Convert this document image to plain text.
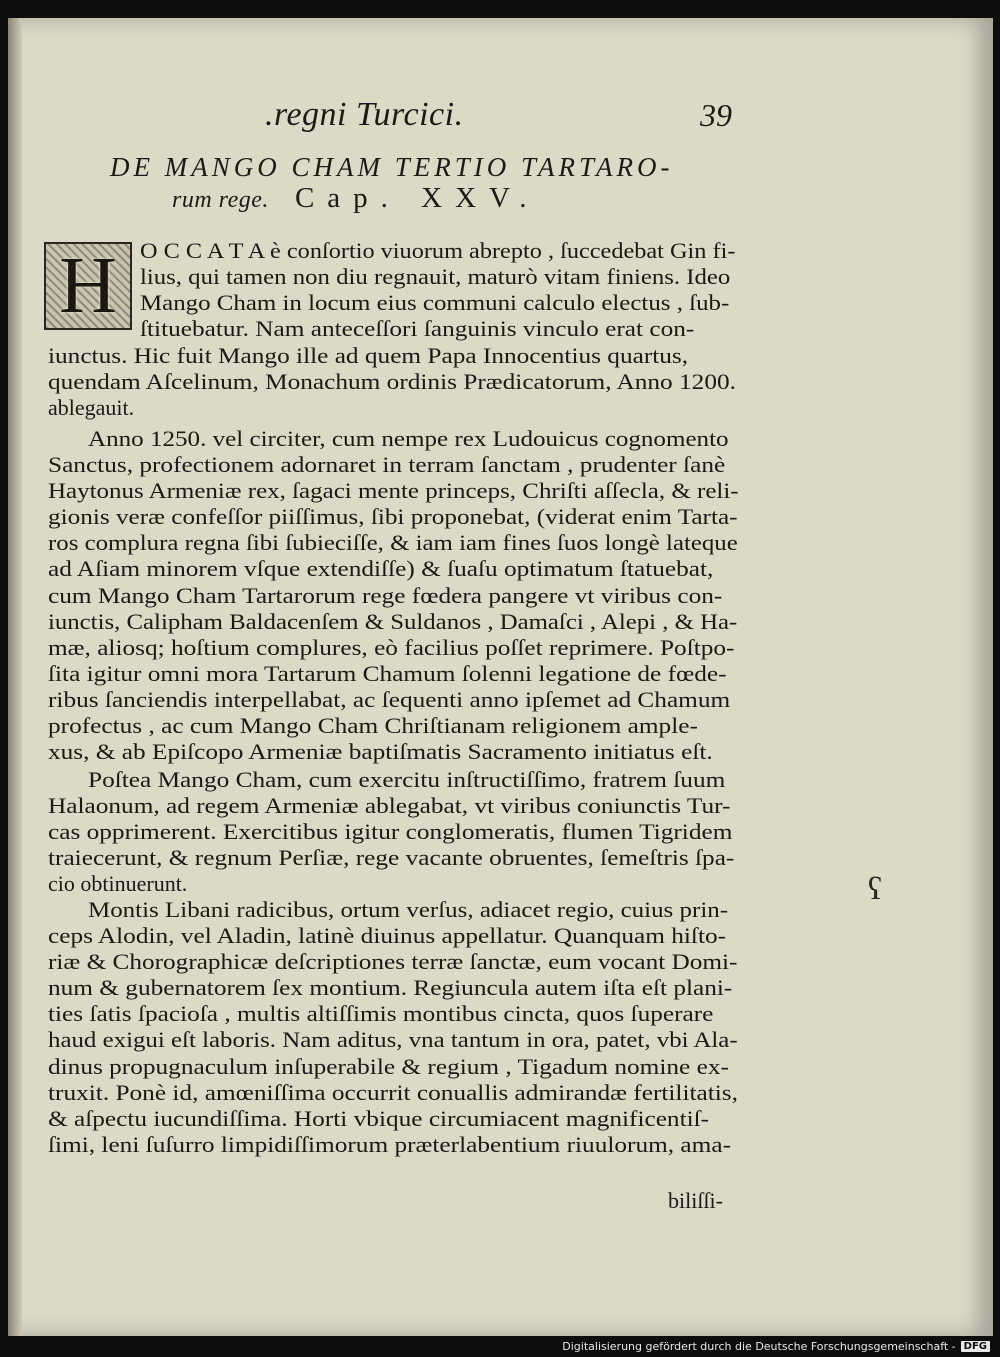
.regni Turcici.	39
DE MANGO CHAM TERTIO TARTARO-
rum rege. Cap. XXV.
H	O C C A T A è conſortio viuorum abrepto , ſuccedebat Gin fi-
lius, qui tamen non diu regnauit, maturò vitam finiens. Ideo
Mango Cham in locum eius communi calculo electus , ſub-
ſtituebatur. Nam anteceſſori ſanguinis vinculo erat con-
iunctus. Hic fuit Mango ille ad quem Papa Innocentius quartus,
quendam Aſcelinum, Monachum ordinis Prædicatorum, Anno 1200.
ablegauit.
Anno 1250. vel circiter, cum nempe rex Ludouicus cognomento
Sanctus, profectionem adornaret in terram ſanctam , prudenter ſanè
Haytonus Armeniæ rex, ſagaci mente princeps, Chriſti aſſecla, & reli-
gionis veræ confeſſor piiſſimus, ſibi proponebat, (viderat enim Tarta-
ros complura regna ſibi ſubieciſſe, & iam iam fines ſuos longè lateque
ad Aſiam minorem vſque extendiſſe) & ſuaſu optimatum ſtatuebat,
cum Mango Cham Tartarorum rege fœdera pangere vt viribus con-
iunctis, Calipham Baldacenſem & Suldanos , Damaſci , Alepi , & Ha-
mæ, aliosq; hoſtium complures, eò facilius poſſet reprimere. Poſtpo-
ſita igitur omni mora Tartarum Chamum ſolenni legatione de fœde-
ribus ſanciendis interpellabat, ac ſequenti anno ipſemet ad Chamum
profectus , ac cum Mango Cham Chriſtianam religionem amplе-
xus, & ab Epiſcopo Armeniæ baptiſmatis Sacramento initiatus eſt.
Poſtea Mango Cham, cum exercitu inſtructiſſimo, fratrem ſuum
Halaonum, ad regem Armeniæ ablegabat, vt viribus coniunctis Tur-
cas opprimerent. Exercitibus igitur conglomeratis, flumen Tigridem
traiecerunt, & regnum Perſiæ, rege vacante obruentes, ſemeſtris ſpa-
cio obtinuerunt.
Montis Libani radicibus, ortum verſus, adiacet regio, cuius prin-
ceps Alodin, vel Aladin, latinè diuinus appellatur. Quanquam hiſto-
riæ & Chorographicæ deſcriptiones terræ ſanctæ, eum vocant Domi-
num & gubernatorem ſex montium. Regiuncula autem iſta eſt plani-
ties ſatis ſpacioſa , multis altiſſimis montibus cincta, quos ſuperare
haud exigui eſt laboris. Nam aditus, vna tantum in ora, patet, vbi Ala-
dinus propugnaculum inſuperabile & regium , Tigadum nomine ex-
truxit. Ponè id, amœniſſima occurrit conuallis admirandæ fertilitatis,
& aſpectu iucundiſſima. Horti vbique circumiacent magnificentiſ-
ſimi, leni ſuſurro limpidiſſimorum præterlabentium riuulorum, ama-
ʕ
biliſſi-
Digitalisierung gefördert durch die Deutsche Forschungsgemeinschaft - DFG
